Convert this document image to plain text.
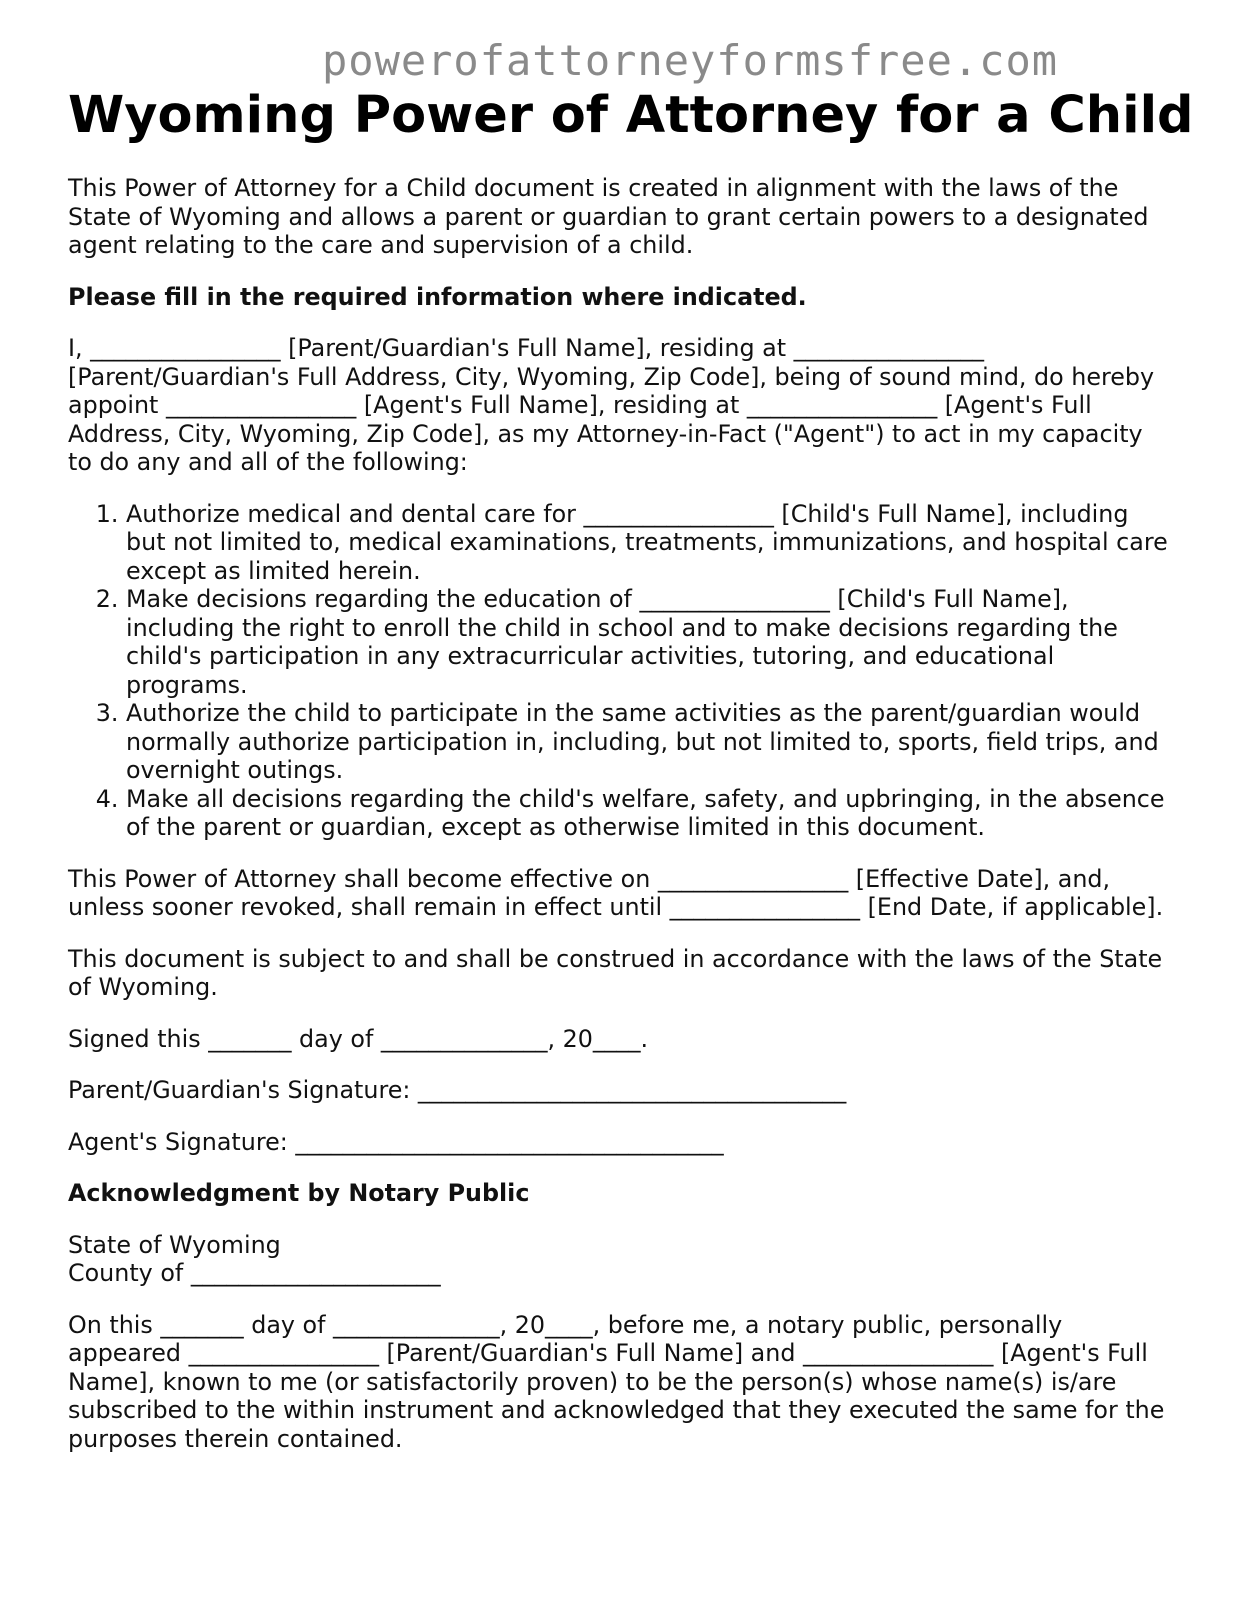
powerofattorneyformsfree.com
Wyoming Power of Attorney for a Child

This Power of Attorney for a Child document is created in alignment with the laws of the State of Wyoming and allows a parent or guardian to grant certain powers to a designated agent relating to the care and supervision of a child.

Please fill in the required information where indicated.

I, ________________ [Parent/Guardian's Full Name], residing at ________________ [Parent/Guardian's Full Address, City, Wyoming, Zip Code], being of sound mind, do hereby appoint ________________ [Agent's Full Name], residing at ________________ [Agent's Full Address, City, Wyoming, Zip Code], as my Attorney-in-Fact ("Agent") to act in my capacity to do any and all of the following:

1. Authorize medical and dental care for ________________ [Child's Full Name], including but not limited to, medical examinations, treatments, immunizations, and hospital care except as limited herein.
2. Make decisions regarding the education of ________________ [Child's Full Name], including the right to enroll the child in school and to make decisions regarding the child's participation in any extracurricular activities, tutoring, and educational programs.
3. Authorize the child to participate in the same activities as the parent/guardian would normally authorize participation in, including, but not limited to, sports, field trips, and overnight outings.
4. Make all decisions regarding the child's welfare, safety, and upbringing, in the absence of the parent or guardian, except as otherwise limited in this document.

This Power of Attorney shall become effective on ________________ [Effective Date], and, unless sooner revoked, shall remain in effect until ________________ [End Date, if applicable].

This document is subject to and shall be construed in accordance with the laws of the State of Wyoming.

Signed this _______ day of ______________, 20____.

Parent/Guardian's Signature: ____________________________________

Agent's Signature: ____________________________________

Acknowledgment by Notary Public

State of Wyoming

County of _____________________

On this _______ day of ______________, 20____, before me, a notary public, personally appeared ________________ [Parent/Guardian's Full Name] and ________________ [Agent's Full Name], known to me (or satisfactorily proven) to be the person(s) whose name(s) is/are subscribed to the within instrument and acknowledged that they executed the same for the purposes therein contained.
